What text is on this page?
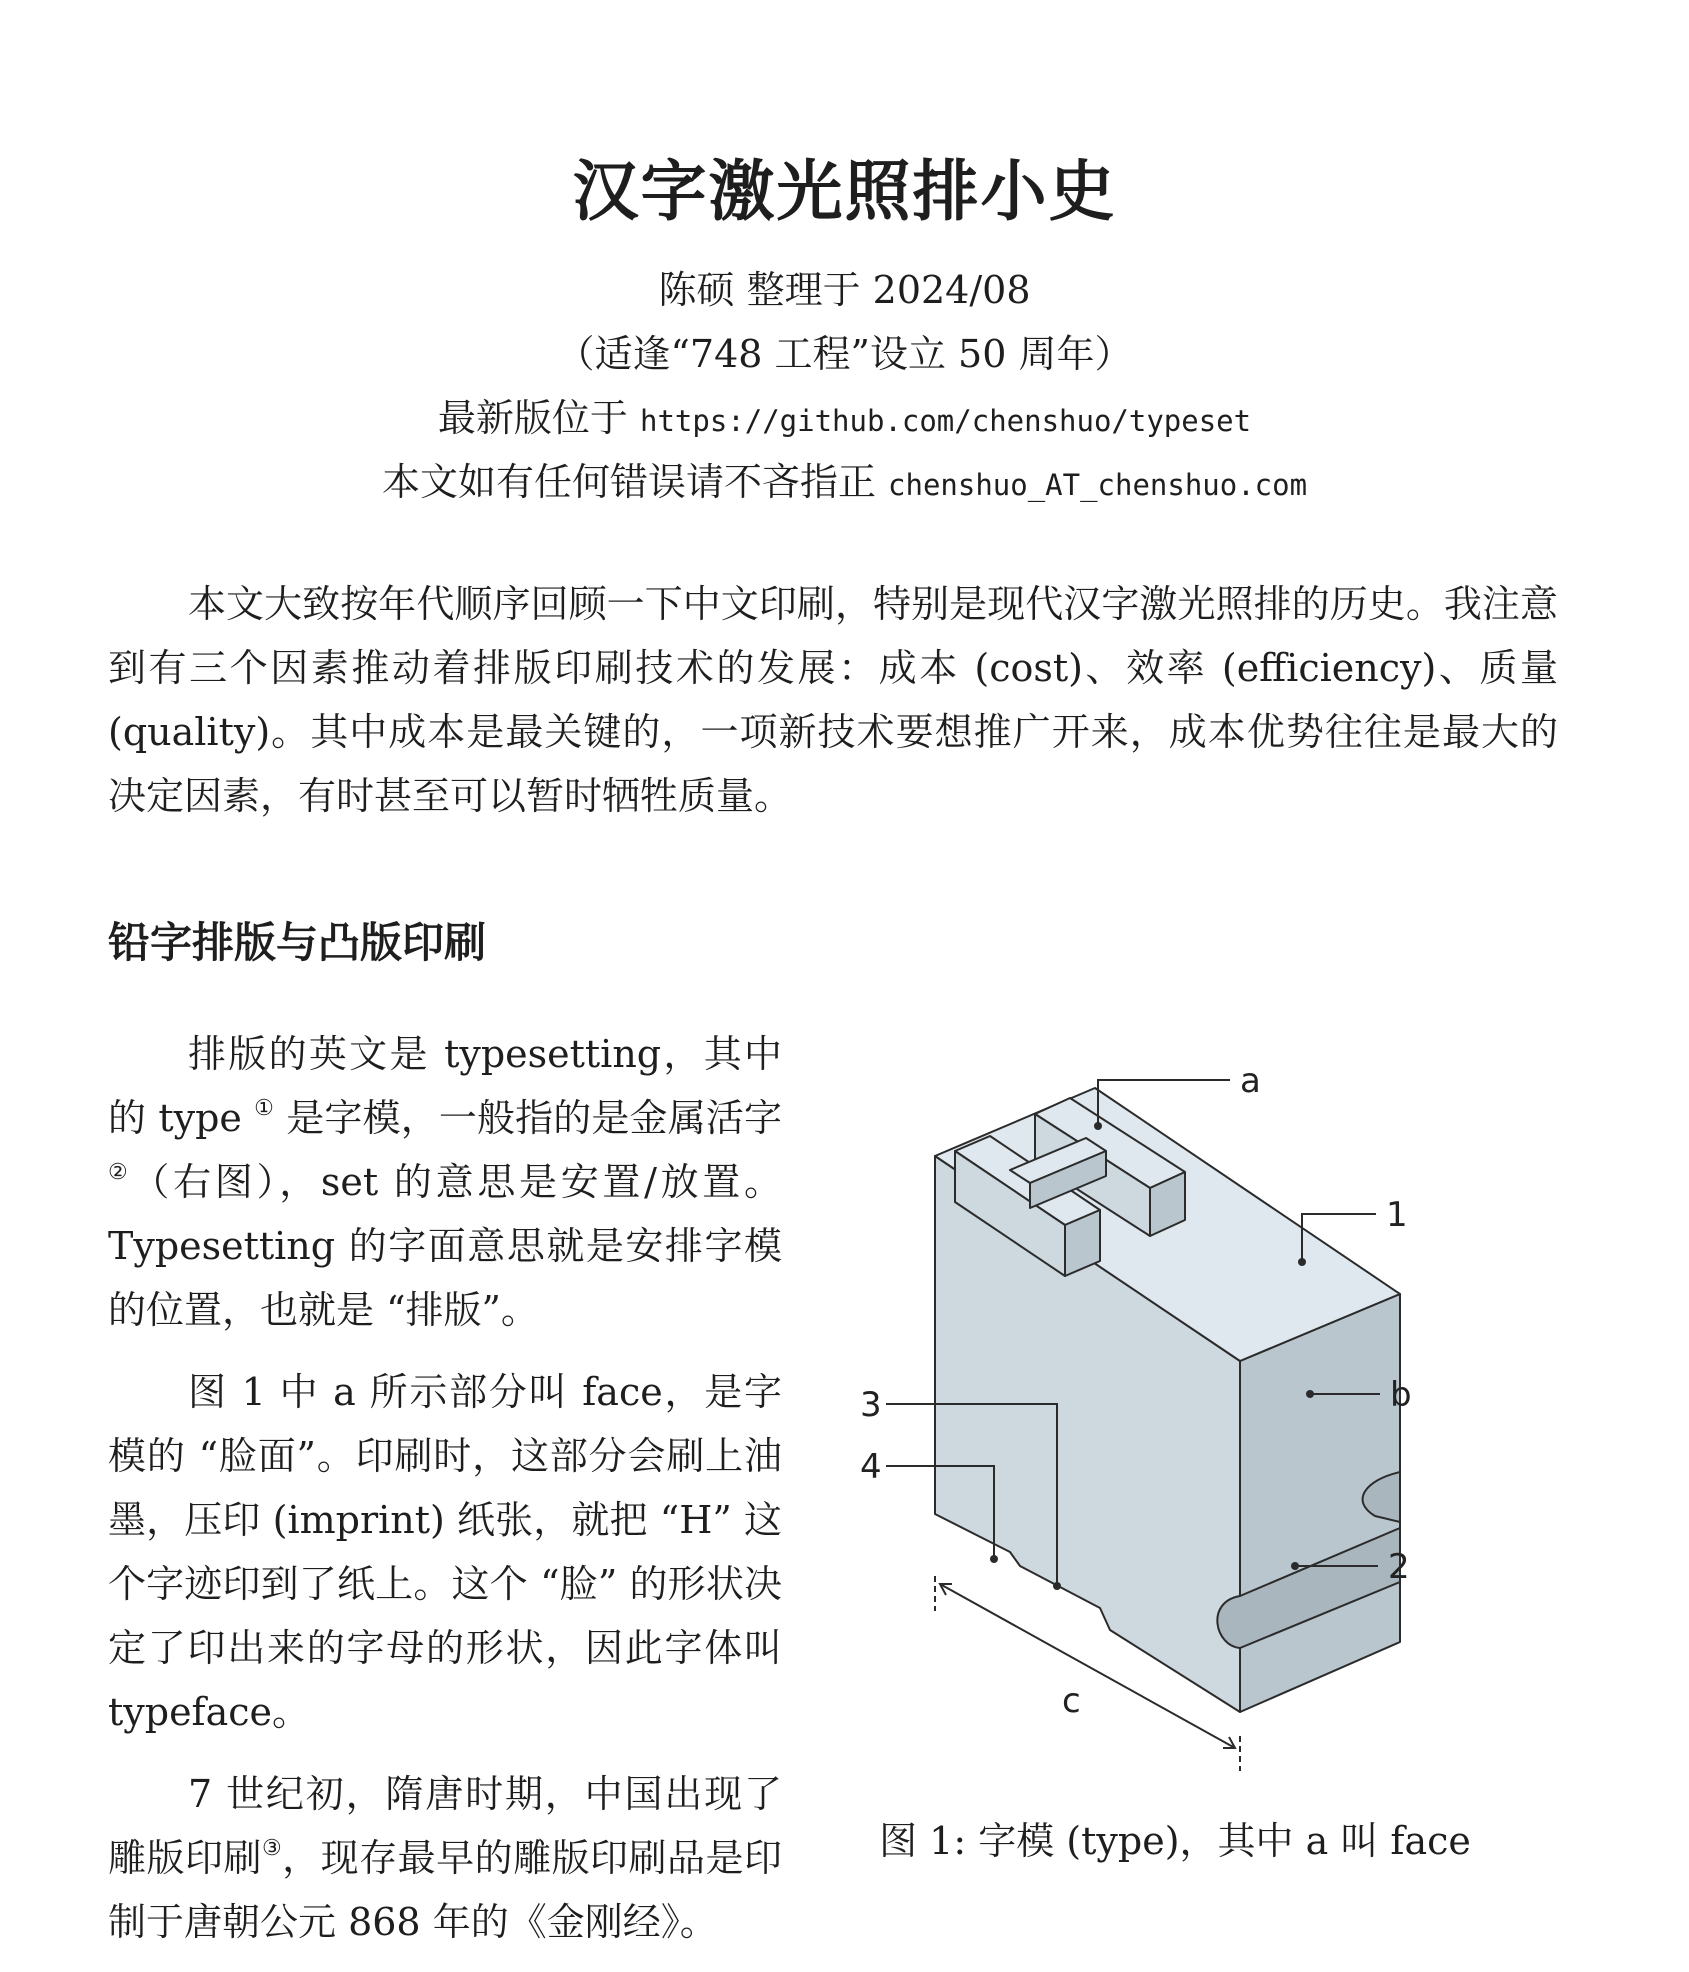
汉字激光照排小史
陈硕 整理于 2024/08
（适逢“748 工程”设立 50 周年）
最新版位于 https://github.com/chenshuo/typeset
本文如有任何错误请不吝指正 chenshuo_AT_chenshuo.com

本文大致按年代顺序回顾一下中文印刷，特别是现代汉字激光照排的历史。我注意到有三个因素推动着排版印刷技术的发展：成本 (cost)、效率 (efficiency)、质量 (quality)。其中成本是最关键的，一项新技术要想推广开来，成本优势往往是最大的决定因素，有时甚至可以暂时牺牲质量。

铅字排版与凸版印刷

排版的英文是 typesetting，其中的 type ① 是字模，一般指的是金属活字 ②（右图），set 的意思是安置/放置。Typesetting 的字面意思就是安排字模的位置，也就是 “排版”。

图 1 中 a 所示部分叫 face，是字模的 “脸面”。印刷时，这部分会刷上油墨，压印 (imprint) 纸张，就把 “H” 这个字迹印到了纸上。这个 “脸” 的形状决定了印出来的字母的形状，因此字体叫 typeface。

7 世纪初，隋唐时期，中国出现了雕版印刷③，现存最早的雕版印刷品是印制于唐朝公元 868 年的《金刚经》。

a
1
b
2
3
4
c
图 1: 字模 (type)，其中 a 叫 face
